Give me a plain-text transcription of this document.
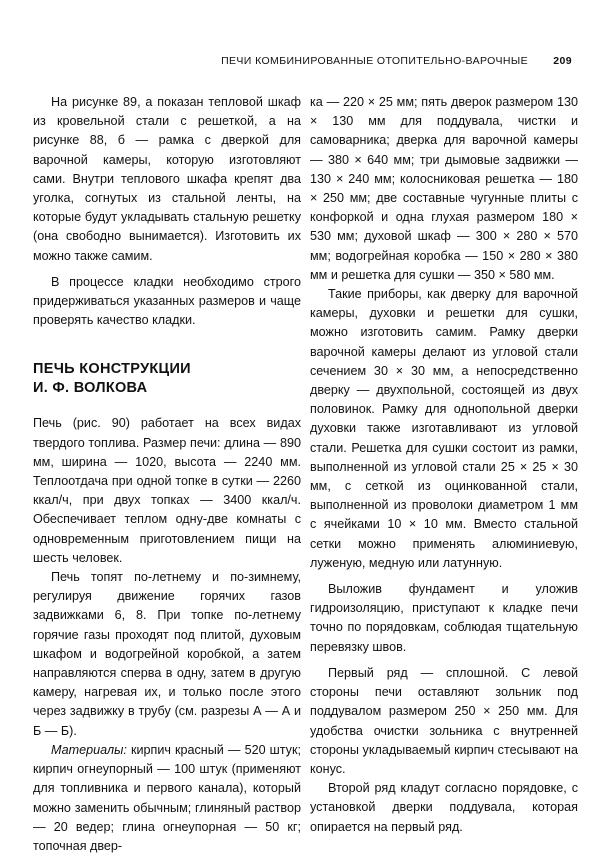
ПЕЧИ КОМБИНИРОВАННЫЕ ОТОПИТЕЛЬНО-ВАРОЧНЫЕ 209

На рисунке 89, а показан тепловой шкаф из кровельной стали с решеткой, а на рисунке 88, б — рамка с дверкой для варочной камеры, которую изготовляют сами. Внутри теплового шкафа крепят два уголка, согнутых из стальной ленты, на которые будут укладывать стальную решетку (она свободно вынимается). Изготовить их можно также самим.

В процессе кладки необходимо строго придерживаться указанных размеров и чаще проверять качество кладки.

ПЕЧЬ КОНСТРУКЦИИ
И. Ф. ВОЛКОВА

Печь (рис. 90) работает на всех видах твердого топлива. Размер печи: длина — 890 мм, ширина — 1020, высота — 2240 мм. Теплоотдача при одной топке в сутки — 2260 ккал/ч, при двух топках — 3400 ккал/ч. Обеспечивает теплом одну-две комнаты с одновременным приготовлением пищи на шесть человек.

Печь топят по-летнему и по-зимнему, регулируя движение горячих газов задвижками 6, 8. При топке по-летнему горячие газы проходят под плитой, духовым шкафом и водогрейной коробкой, а затем направляются сперва в одну, затем в другую камеру, нагревая их, и только после этого через задвижку в трубу (см. разрезы А — А и Б — Б).

Материалы: кирпич красный — 520 штук; кирпич огнеупорный — 100 штук (применяют для топливника и первого канала), который можно заменить обычным; глиняный раствор — 20 ведер; глина огнеупорная — 50 кг; топочная двер-

ка — 220 × 25 мм; пять дверок размером 130 × 130 мм для поддувала, чистки и самоварника; дверка для варочной камеры — 380 × 640 мм; три дымовые задвижки — 130 × 240 мм; колосниковая решетка — 180 × 250 мм; две составные чугунные плиты с конфоркой и одна глухая размером 180 × 530 мм; духовой шкаф — 300 × 280 × 570 мм; водогрейная коробка — 150 × 280 × 380 мм и решетка для сушки — 350 × 580 мм.

Такие приборы, как дверку для варочной камеры, духовки и решетки для сушки, можно изготовить самим. Рамку дверки варочной камеры делают из угловой стали сечением 30 × 30 мм, а непосредственно дверку — двухпольной, состоящей из двух половинок. Рамку для однопольной дверки духовки также изготавливают из угловой стали. Решетка для сушки состоит из рамки, выполненной из угловой стали 25 × 25 × 30 мм, с сеткой из оцинкованной стали, выполненной из проволоки диаметром 1 мм с ячейками 10 × 10 мм. Вместо стальной сетки можно применять алюминиевую, луженую, медную или латунную.

Выложив фундамент и уложив гидроизоляцию, приступают к кладке печи точно по порядовкам, соблюдая тщательную перевязку швов.

Первый ряд — сплошной. С левой стороны печи оставляют зольник под поддувалом размером 250 × 250 мм. Для удобства очистки зольника с внутренней стороны укладываемый кирпич стесывают на конус.

Второй ряд кладут согласно порядовке, с установкой дверки поддувала, которая опирается на первый ряд.
